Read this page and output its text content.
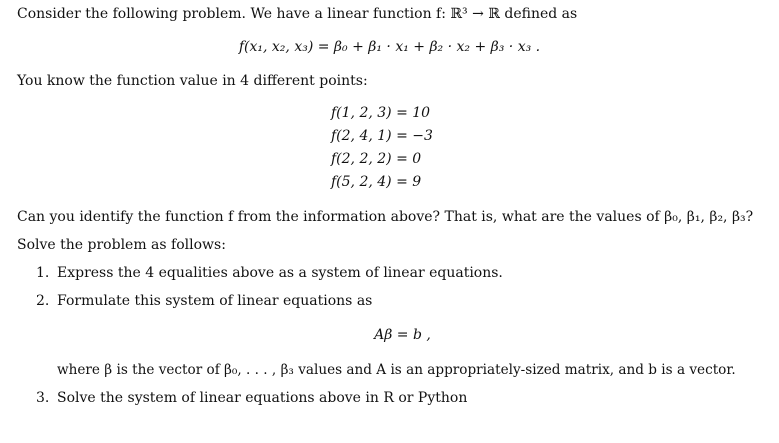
Consider the following problem. We have a linear function f: ℝ³ → ℝ defined as
f(x₁, x₂, x₃) = β₀ + β₁ · x₁ + β₂ · x₂ + β₃ · x₃ .
You know the function value in 4 different points:
f(1, 2, 3) = 10
f(2, 4, 1) = −3
f(2, 2, 2) = 0
f(5, 2, 4) = 9
Can you identify the function f from the information above? That is, what are the values of β₀, β₁, β₂, β₃?
Solve the problem as follows:
1. Express the 4 equalities above as a system of linear equations.
2. Formulate this system of linear equations as
Aβ = b ,
where β is the vector of β₀, . . . , β₃ values and A is an appropriately-sized matrix, and b is a vector.
3. Solve the system of linear equations above in R or Python
